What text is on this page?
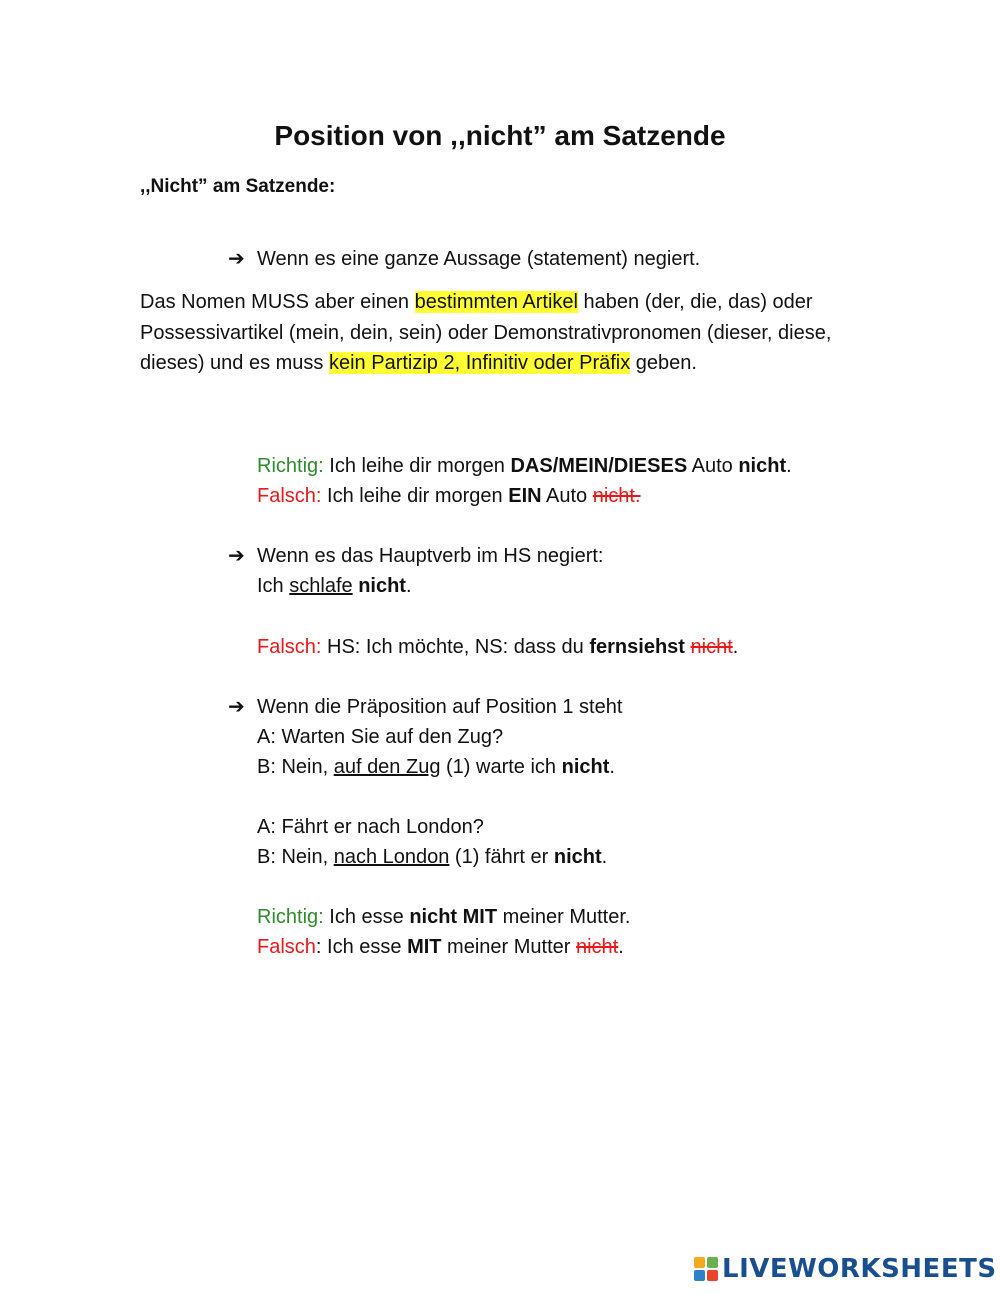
Position von ,,nicht” am Satzende
,,Nicht” am Satzende:
➔ Wenn es eine ganze Aussage (statement) negiert.
Das Nomen MUSS aber einen bestimmten Artikel haben (der, die, das) oder Possessivartikel (mein, dein, sein) oder Demonstrativpronomen (dieser, diese, dieses) und es muss kein Partizip 2, Infinitiv oder Präfix geben.
Richtig: Ich leihe dir morgen DAS/MEIN/DIESES Auto nicht.
Falsch: Ich leihe dir morgen EIN Auto nicht.
➔ Wenn es das Hauptverb im HS negiert:
Ich schlafe nicht.
Falsch: HS: Ich möchte, NS: dass du fernsiehst nicht.
➔ Wenn die Präposition auf Position 1 steht
A: Warten Sie auf den Zug?
B: Nein, auf den Zug (1) warte ich nicht.
A: Fährt er nach London?
B: Nein, nach London (1) fährt er nicht.
Richtig: Ich esse nicht MIT meiner Mutter.
Falsch: Ich esse MIT meiner Mutter nicht.
LIVEWORKSHEETS
